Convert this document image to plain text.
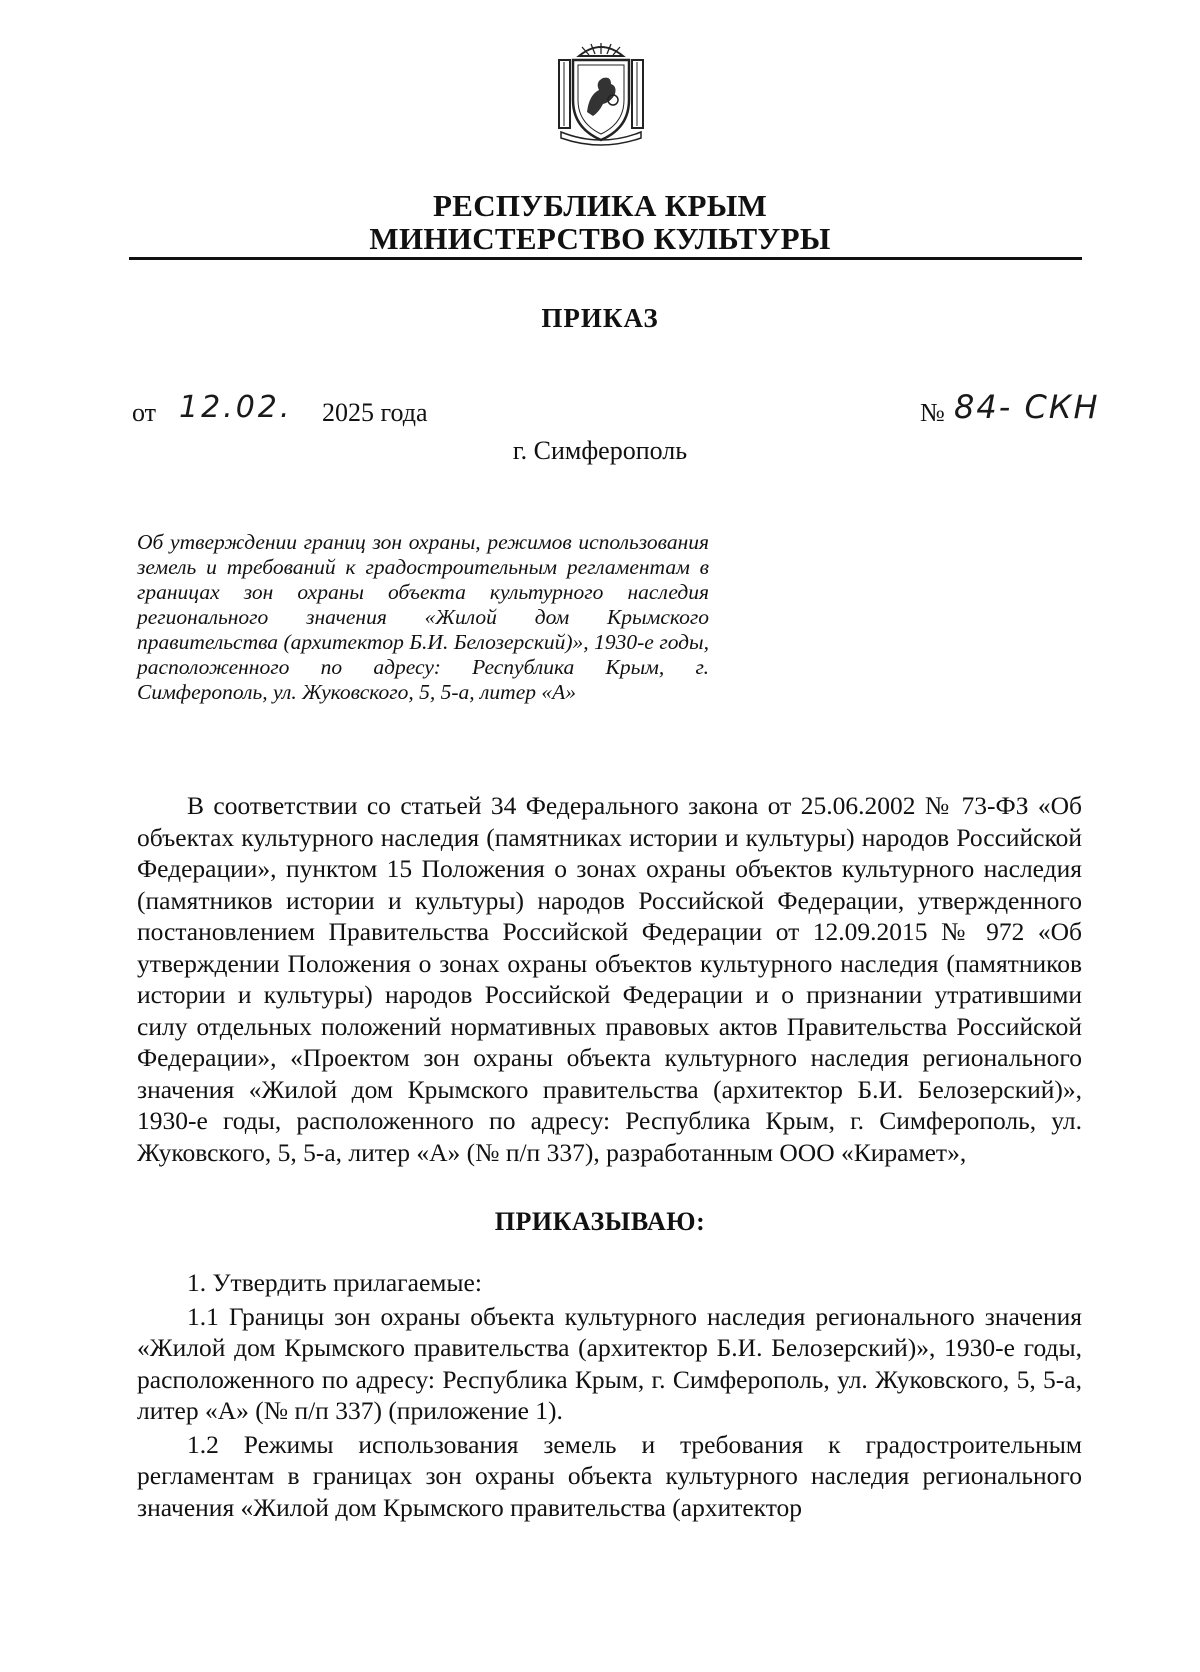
РЕСПУБЛИКА КРЫМ
МИНИСТЕРСТВО КУЛЬТУРЫ
ПРИКАЗ
от 12.02. 2025 года	№ 84- СКН
г. Симферополь
Об утверждении границ зон охраны, режимов использования земель и требований к градостроительным регламентам в границах зон охраны объекта культурного наследия регионального значения «Жилой дом Крымского правительства (архитектор Б.И. Белозерский)», 1930-е годы, расположенного по адресу: Республика Крым, г. Симферополь, ул. Жуковского, 5, 5-а, литер «А»

В соответствии со статьей 34 Федерального закона от 25.06.2002 № 73-ФЗ «Об объектах культурного наследия (памятниках истории и культуры) народов Российской Федерации», пунктом 15 Положения о зонах охраны объектов культурного наследия (памятников истории и культуры) народов Российской Федерации, утвержденного постановлением Правительства Российской Федерации от 12.09.2015 № 972 «Об утверждении Положения о зонах охраны объектов культурного наследия (памятников истории и культуры) народов Российской Федерации и о признании утратившими силу отдельных положений нормативных правовых актов Правительства Российской Федерации», «Проектом зон охраны объекта культурного наследия регионального значения «Жилой дом Крымского правительства (архитектор Б.И. Белозерский)», 1930-е годы, расположенного по адресу: Республика Крым, г. Симферополь, ул. Жуковского, 5, 5-а, литер «А» (№ п/п 337), разработанным ООО «Кирамет»,

ПРИКАЗЫВАЮ:

1. Утвердить прилагаемые:

1.1 Границы зон охраны объекта культурного наследия регионального значения «Жилой дом Крымского правительства (архитектор Б.И. Белозерский)», 1930-е годы, расположенного по адресу: Республика Крым, г. Симферополь, ул. Жуковского, 5, 5-а, литер «А» (№ п/п 337) (приложение 1).

1.2 Режимы использования земель и требования к градостроительным регламентам в границах зон охраны объекта культурного наследия регионального значения «Жилой дом Крымского правительства (архитектор
